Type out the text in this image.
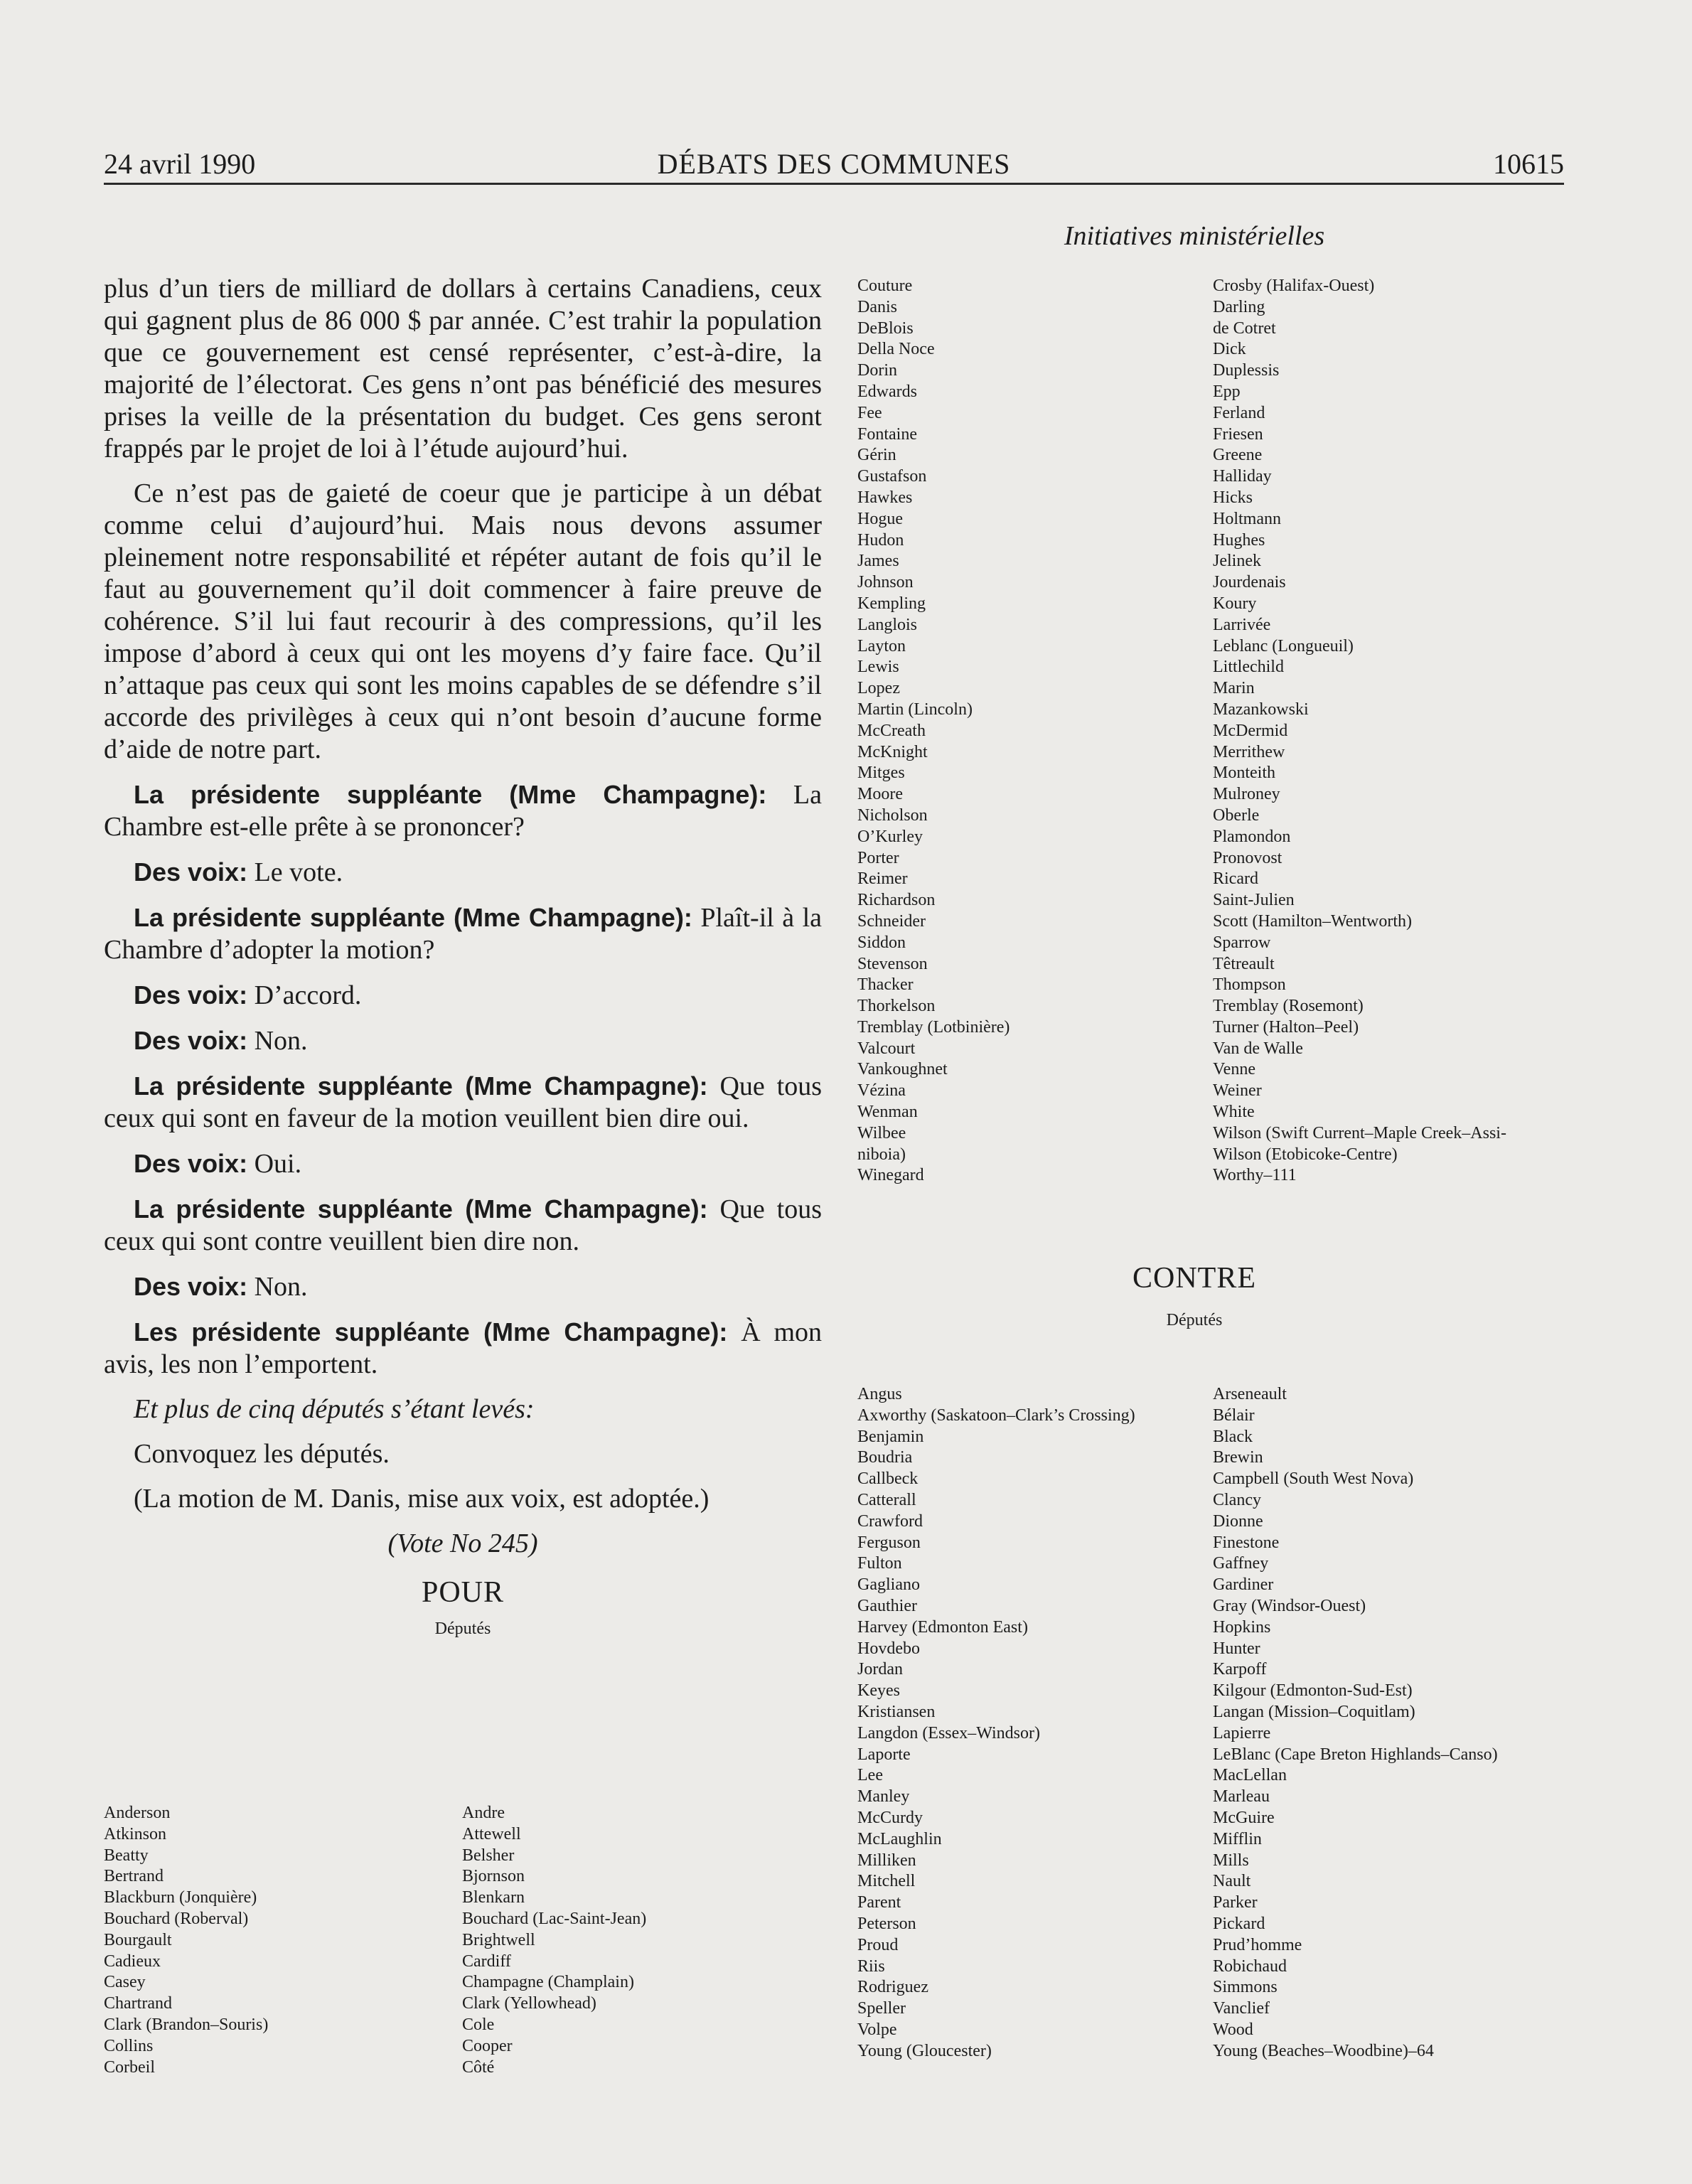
DÉBATS DES COMMUNES
24 avril 1990	10615
Initiatives ministérielles

plus d’un tiers de milliard de dollars à certains Canadiens, ceux qui gagnent plus de 86 000 $ par année. C’est trahir la population que ce gouvernement est censé représenter, c’est-à-dire, la majorité de l’électorat. Ces gens n’ont pas bénéficié des mesures prises la veille de la présentation du budget. Ces gens seront frappés par le projet de loi à l’étude aujourd’hui.

Ce n’est pas de gaieté de coeur que je participe à un débat comme celui d’aujourd’hui. Mais nous devons assumer pleinement notre responsabilité et répéter autant de fois qu’il le faut au gouvernement qu’il doit commencer à faire preuve de cohérence. S’il lui faut recourir à des compressions, qu’il les impose d’abord à ceux qui ont les moyens d’y faire face. Qu’il n’attaque pas ceux qui sont les moins capables de se défendre s’il accorde des privilèges à ceux qui n’ont besoin d’aucune forme d’aide de notre part.

La présidente suppléante (Mme Champagne): La Chambre est-elle prête à se prononcer?

Des voix: Le vote.

La présidente suppléante (Mme Champagne): Plaît-il à la Chambre d’adopter la motion?

Des voix: D’accord.

Des voix: Non.

La présidente suppléante (Mme Champagne): Que tous ceux qui sont en faveur de la motion veuillent bien dire oui.

Des voix: Oui.

La présidente suppléante (Mme Champagne): Que tous ceux qui sont contre veuillent bien dire non.

Des voix: Non.

Les présidente suppléante (Mme Champagne): À mon avis, les non l’emportent.

Et plus de cinq députés s’étant levés:

Convoquez les députés.

(La motion de M. Danis, mise aux voix, est adoptée.)

(Vote No 245)

POUR
Députés
Anderson
Atkinson
Beatty
Bertrand
Blackburn (Jonquière)
Bouchard (Roberval)
Bourgault
Cadieux
Casey
Chartrand
Clark (Brandon–Souris)
Collins
Corbeil
Andre
Attewell
Belsher
Bjornson
Blenkarn
Bouchard (Lac-Saint-Jean)
Brightwell
Cardiff
Champagne (Champlain)
Clark (Yellowhead)
Cole
Cooper
Côté
Couture
Danis
DeBlois
Della Noce
Dorin
Edwards
Fee
Fontaine
Gérin
Gustafson
Hawkes
Hogue
Hudon
James
Johnson
Kempling
Langlois
Layton
Lewis
Lopez
Martin (Lincoln)
McCreath
McKnight
Mitges
Moore
Nicholson
O’Kurley
Porter
Reimer
Richardson
Schneider
Siddon
Stevenson
Thacker
Thorkelson
Tremblay (Lotbinière)
Valcourt
Vankoughnet
Vézina
Wenman
Wilbee
niboia)
Winegard
Crosby (Halifax-Ouest)
Darling
de Cotret
Dick
Duplessis
Epp
Ferland
Friesen
Greene
Halliday
Hicks
Holtmann
Hughes
Jelinek
Jourdenais
Koury
Larrivée
Leblanc (Longueuil)
Littlechild
Marin
Mazankowski
McDermid
Merrithew
Monteith
Mulroney
Oberle
Plamondon
Pronovost
Ricard
Saint-Julien
Scott (Hamilton–Wentworth)
Sparrow
Têtreault
Thompson
Tremblay (Rosemont)
Turner (Halton–Peel)
Van de Walle
Venne
Weiner
White
Wilson (Swift Current–Maple Creek–Assi-
Wilson (Etobicoke-Centre)
Worthy–111
CONTRE
Députés
Angus
Axworthy (Saskatoon–Clark’s Crossing)
Benjamin
Boudria
Callbeck
Catterall
Crawford
Ferguson
Fulton
Gagliano
Gauthier
Harvey (Edmonton East)
Hovdebo
Jordan
Keyes
Kristiansen
Langdon (Essex–Windsor)
Laporte
Lee
Manley
McCurdy
McLaughlin
Milliken
Mitchell
Parent
Peterson
Proud
Riis
Rodriguez
Speller
Volpe
Young (Gloucester)
Arseneault
Bélair
Black
Brewin
Campbell (South West Nova)
Clancy
Dionne
Finestone
Gaffney
Gardiner
Gray (Windsor-Ouest)
Hopkins
Hunter
Karpoff
Kilgour (Edmonton-Sud-Est)
Langan (Mission–Coquitlam)
Lapierre
LeBlanc (Cape Breton Highlands–Canso)
MacLellan
Marleau
McGuire
Mifflin
Mills
Nault
Parker
Pickard
Prud’homme
Robichaud
Simmons
Vanclief
Wood
Young (Beaches–Woodbine)–64
